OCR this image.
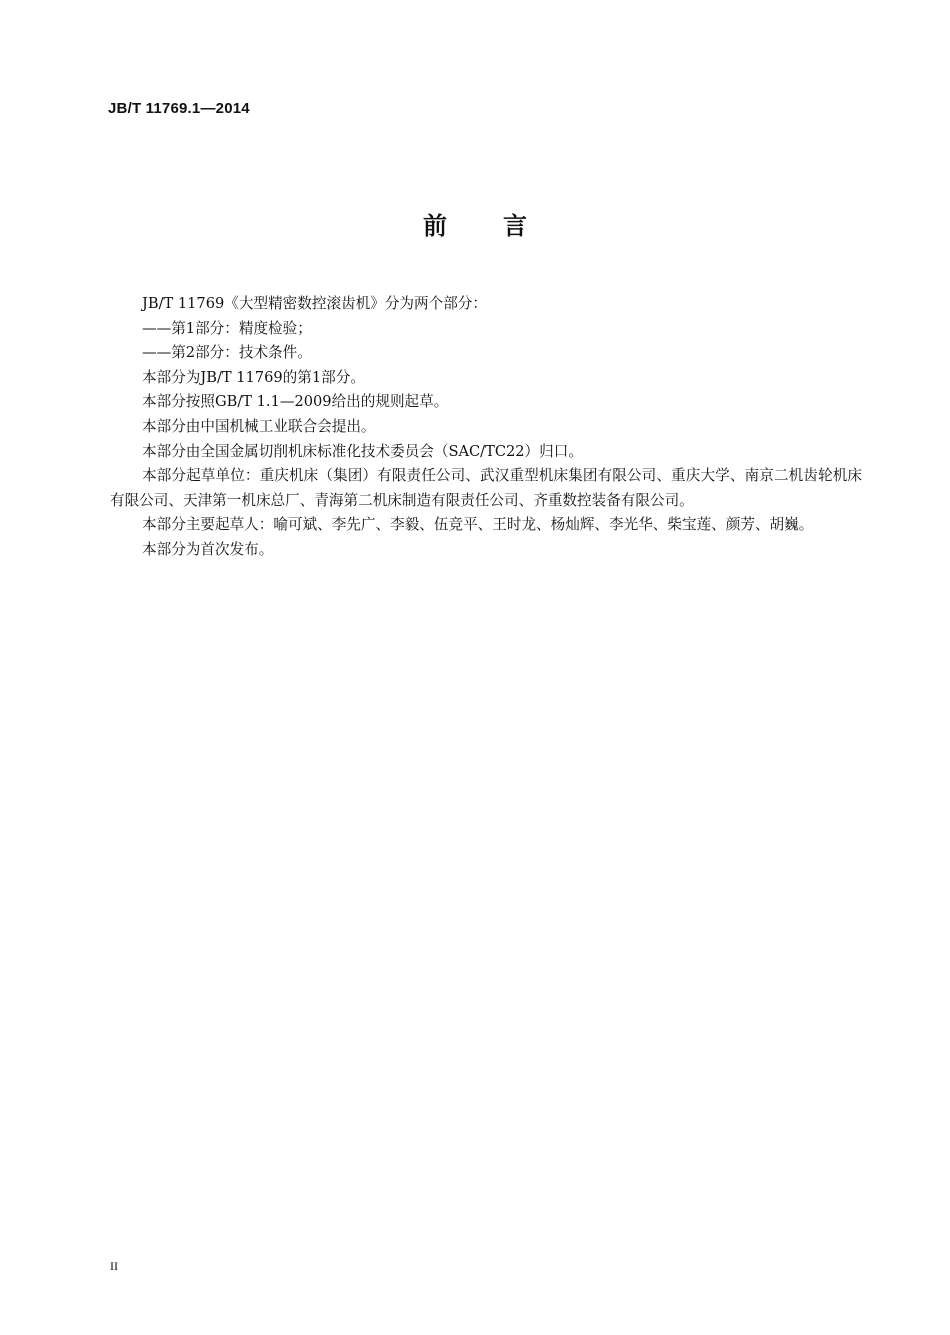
JB/T 11769.1—2014
前言

JB/T 11769《大型精密数控滚齿机》分为两个部分：

——第1部分：精度检验；

——第2部分：技术条件。

本部分为JB/T 11769的第1部分。

本部分按照GB/T 1.1—2009给出的规则起草。

本部分由中国机械工业联合会提出。

本部分由全国金属切削机床标准化技术委员会（SAC/TC22）归口。

本部分起草单位：重庆机床（集团）有限责任公司、武汉重型机床集团有限公司、重庆大学、南京二机齿轮机床有限公司、天津第一机床总厂、青海第二机床制造有限责任公司、齐重数控装备有限公司。

本部分主要起草人：喻可斌、李先广、李毅、伍竞平、王时龙、杨灿辉、李光华、柴宝莲、颜芳、胡巍。

本部分为首次发布。

II
